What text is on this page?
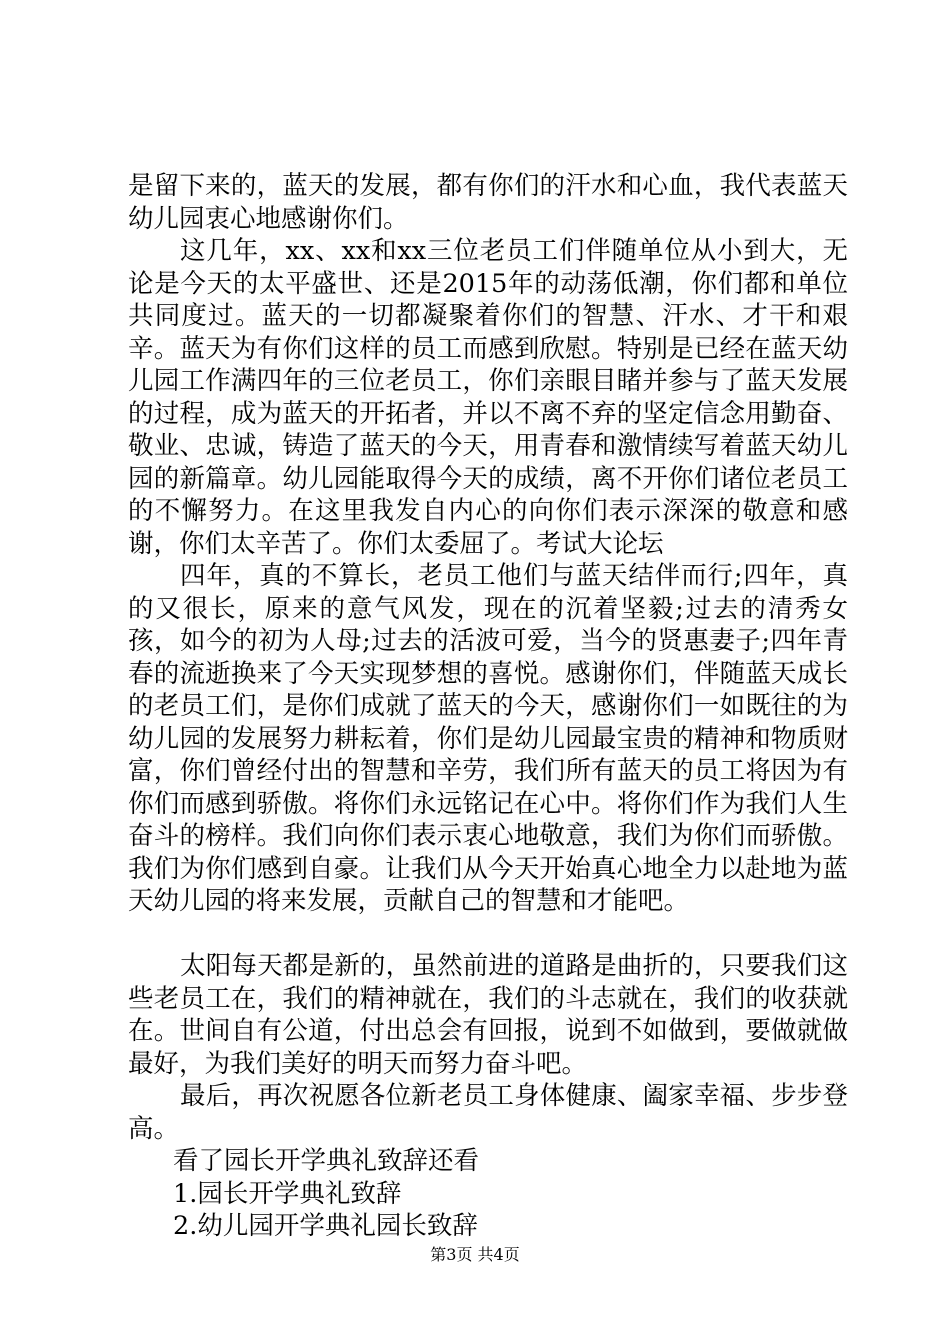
是留下来的，蓝天的发展，都有你们的汗水和心血，我代表蓝天幼儿园衷心地感谢你们。

这几年，xx、xx和xx三位老员工们伴随单位从小到大，无论是今天的太平盛世、还是2015年的动荡低潮，你们都和单位共同度过。蓝天的一切都凝聚着你们的智慧、汗水、才干和艰辛。蓝天为有你们这样的员工而感到欣慰。特别是已经在蓝天幼儿园工作满四年的三位老员工，你们亲眼目睹并参与了蓝天发展的过程，成为蓝天的开拓者，并以不离不弃的坚定信念用勤奋、敬业、忠诚，铸造了蓝天的今天，用青春和激情续写着蓝天幼儿园的新篇章。幼儿园能取得今天的成绩，离不开你们诸位老员工的不懈努力。在这里我发自内心的向你们表示深深的敬意和感谢，你们太辛苦了。你们太委屈了。考试大论坛

四年，真的不算长，老员工他们与蓝天结伴而行;四年，真的又很长，原来的意气风发，现在的沉着坚毅;过去的清秀女孩，如今的初为人母;过去的活波可爱，当今的贤惠妻子;四年青春的流逝换来了今天实现梦想的喜悦。感谢你们，伴随蓝天成长的老员工们，是你们成就了蓝天的今天，感谢你们一如既往的为幼儿园的发展努力耕耘着，你们是幼儿园最宝贵的精神和物质财富，你们曾经付出的智慧和辛劳，我们所有蓝天的员工将因为有你们而感到骄傲。将你们永远铭记在心中。将你们作为我们人生奋斗的榜样。我们向你们表示衷心地敬意，我们为你们而骄傲。我们为你们感到自豪。让我们从今天开始真心地全力以赴地为蓝天幼儿园的将来发展，贡献自己的智慧和才能吧。

太阳每天都是新的，虽然前进的道路是曲折的，只要我们这些老员工在，我们的精神就在，我们的斗志就在，我们的收获就在。世间自有公道，付出总会有回报，说到不如做到，要做就做最好，为我们美好的明天而努力奋斗吧。

最后，再次祝愿各位新老员工身体健康、阖家幸福、步步登高。

看了园长开学典礼致辞还看

1.园长开学典礼致辞

2.幼儿园开学典礼园长致辞

第3页 共4页
